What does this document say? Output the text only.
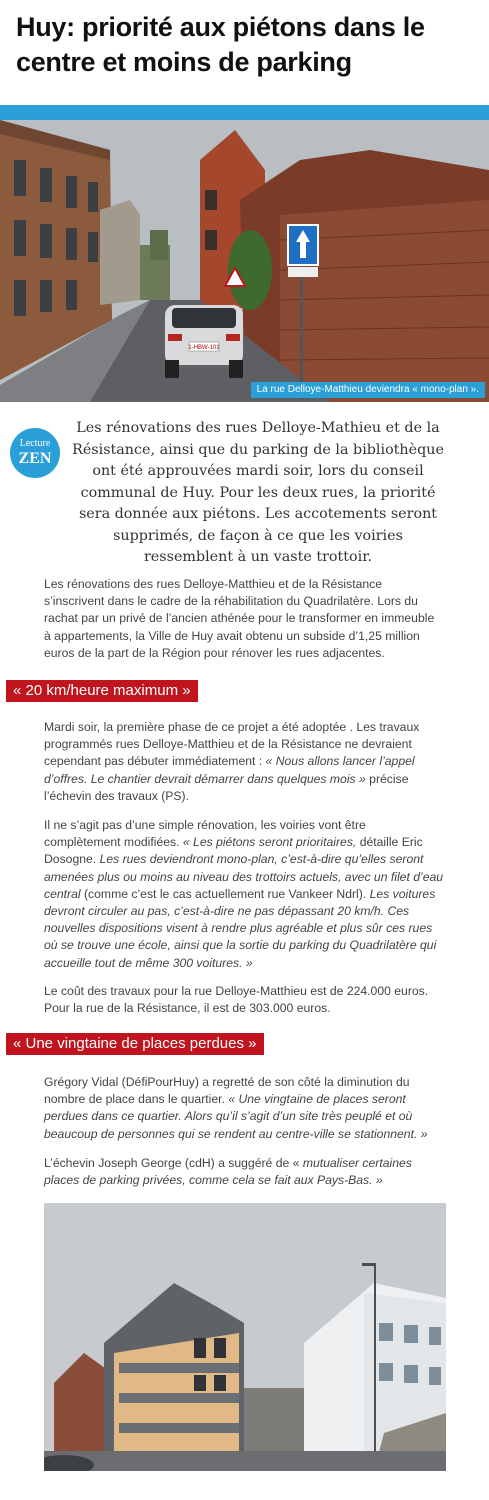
Huy: priorité aux piétons dans le centre et moins de parking
1-HBW-101
La rue Delloye-Matthieu deviendra « mono-plan ».
Lecture
ZEN

Les rénovations des rues Delloye-Mathieu et de la Résistance, ainsi que du parking de la bibliothèque ont été approuvées mardi soir, lors du conseil communal de Huy. Pour les deux rues, la priorité sera donnée aux piétons. Les accotements seront supprimés, de façon à ce que les voiries ressemblent à un vaste trottoir.

Les rénovations des rues Delloye-Matthieu et de la Résistance s’inscrivent dans le cadre de la réhabilitation du Quadrilatère. Lors du rachat par un privé de l’ancien athénée pour le transformer en immeuble à appartements, la Ville de Huy avait obtenu un subside d’1,25 million euros de la part de la Région pour rénover les rues adjacentes.

« 20 km/heure maximum »

Mardi soir, la première phase de ce projet a été adoptée . Les travaux programmés rues Delloye-Matthieu et de la Résistance ne devraient cependant pas débuter immédiatement : « Nous allons lancer l’appel d’offres. Le chantier devrait démarrer dans quelques mois » précise l’échevin des travaux (PS).

Il ne s’agit pas d’une simple rénovation, les voiries vont être complètement modifiées. « Les piétons seront prioritaires, détaille Eric Dosogne. Les rues deviendront mono-plan, c’est-à-dire qu’elles seront amenées plus ou moins au niveau des trottoirs actuels, avec un filet d’eau central (comme c’est le cas actuellement rue Vankeer Ndrl). Les voitures devront circuler au pas, c’est-à-dire ne pas dépassant 20 km/h. Ces nouvelles dispositions visent à rendre plus agréable et plus sûr ces rues où se trouve une école, ainsi que la sortie du parking du Quadrilatère qui accueille tout de même 300 voitures. »

Le coût des travaux pour la rue Delloye-Matthieu est de 224.000 euros. Pour la rue de la Résistance, il est de 303.000 euros.

« Une vingtaine de places perdues »

Grégory Vidal (DéfiPourHuy) a regretté de son côté la diminution du nombre de place dans le quartier. « Une vingtaine de places seront perdues dans ce quartier. Alors qu’il s’agit d’un site très peuplé et où beaucoup de personnes qui se rendent au centre-ville se stationnent. »

L’échevin Joseph George (cdH) a suggéré de « mutualiser certaines places de parking privées, comme cela se fait aux Pays-Bas. »
